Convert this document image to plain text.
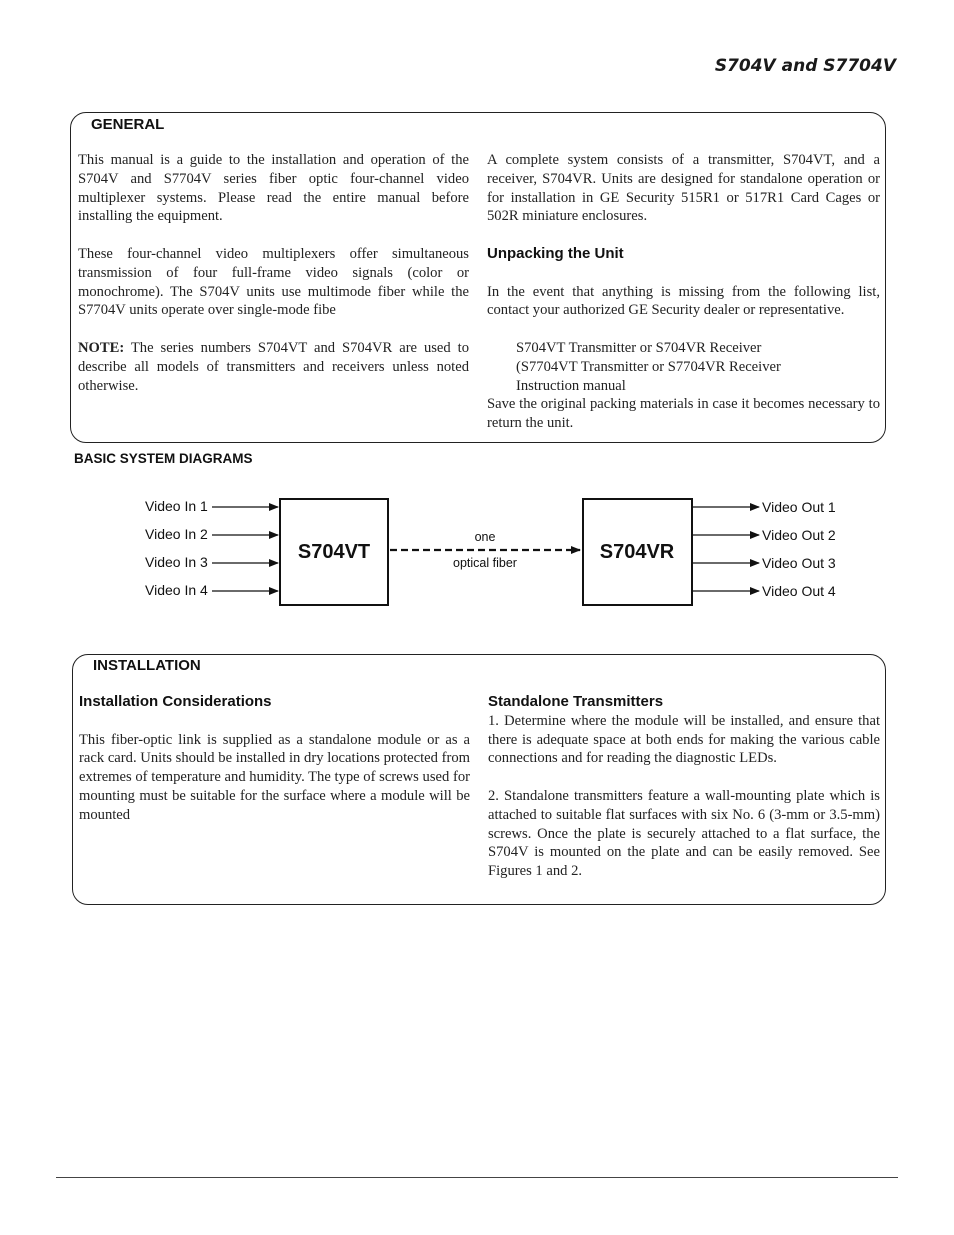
S704V and S7704V
GENERAL

This manual is a guide to the installation and operation of the S704V and S7704V series fiber optic four-channel video multiplexer systems. Please read the entire manual before installing the equipment.

These four-channel video multiplexers offer simultaneous transmission of four full-frame video signals (color or monochrome). The S704V units use multimode fiber while the S7704V units operate over single-mode fibe

NOTE: The series numbers S704VT and S704VR are used to describe all models of transmitters and receivers unless noted otherwise.

A complete system consists of a transmitter, S704VT, and a receiver, S704VR. Units are designed for standalone operation or for installation in GE Security 515R1 or 517R1 Card Cages or 502R miniature enclosures.

Unpacking the Unit

In the event that anything is missing from the following list, contact your authorized GE Security dealer or representative.

S704VT Transmitter or S704VR Receiver

(S7704VT Transmitter or S7704VR Receiver

Instruction manual

Save the original packing materials in case it becomes necessary to return the unit.

BASIC SYSTEM DIAGRAMS
Video In 1
Video In 2
Video In 3
Video In 4
S704VT
one
optical fiber	S704VR
Video Out 1
Video Out 2
Video Out 3
Video Out 4
INSTALLATION
Installation Considerations

This fiber-optic link is supplied as a standalone module or as a rack card. Units should be installed in dry locations protected from extremes of temperature and humidity. The type of screws used for mounting must be suitable for the surface where a module will be mounted

Standalone Transmitters

1. Determine where the module will be installed, and ensure that there is adequate space at both ends for making the various cable connections and for reading the diagnostic LEDs.

2. Standalone transmitters feature a wall-mounting plate which is attached to suitable flat surfaces with six No. 6 (3-mm or 3.5-mm) screws. Once the plate is securely attached to a flat surface, the S704V is mounted on the plate and can be easily removed. See Figures 1 and 2.
